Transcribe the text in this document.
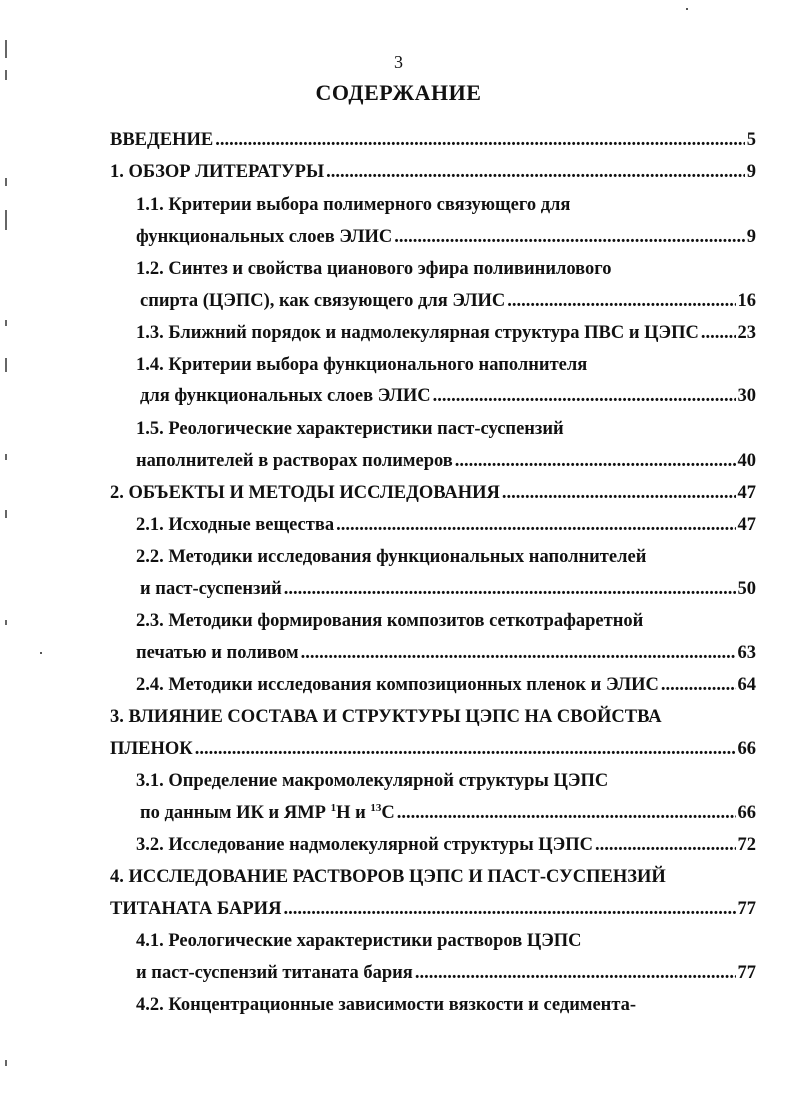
3
СОДЕРЖАНИЕ
ВВЕДЕНИЕ .....	5
1. ОБЗОР ЛИТЕРАТУРЫ .....	9
1.1. Критерии выбора полимерного связующего для
функциональных слоев ЭЛИС .....	9
1.2. Синтез и свойства цианового эфира поливинилового
спирта (ЦЭПС), как связующего для ЭЛИС .....	16
1.3. Ближний порядок и надмолекулярная структура ПВС и ЦЭПС ..... 23
1.4. Критерии выбора функционального наполнителя
для функциональных слоев ЭЛИС .....	30
1.5. Реологические характеристики паст-суспензий
наполнителей в растворах полимеров .....	40
2. ОБЪЕКТЫ И МЕТОДЫ ИССЛЕДОВАНИЯ .....	47
2.1. Исходные вещества .....	47
2.2. Методики исследования функциональных наполнителей
и паст-суспензий .....	50
2.3. Методики формирования композитов сеткотрафаретной
печатью и поливом .....	63
2.4. Методики исследования композиционных пленок и ЭЛИС .....	64
3. ВЛИЯНИЕ СОСТАВА И СТРУКТУРЫ ЦЭПС НА СВОЙСТВА
ПЛЕНОК .....	66
3.1. Определение макромолекулярной структуры ЦЭПС
по данным ИК и ЯМР $^1$Н и $^{13}$С .....	66
3.2. Исследование надмолекулярной структуры ЦЭПС .....	72
4. ИССЛЕДОВАНИЕ РАСТВОРОВ ЦЭПС И ПАСТ-СУСПЕНЗИЙ
ТИТАНАТА БАРИЯ .....	77
4.1. Реологические характеристики растворов ЦЭПС
и паст-суспензий титаната бария .....	77
4.2. Концентрационные зависимости вязкости и седимента-
